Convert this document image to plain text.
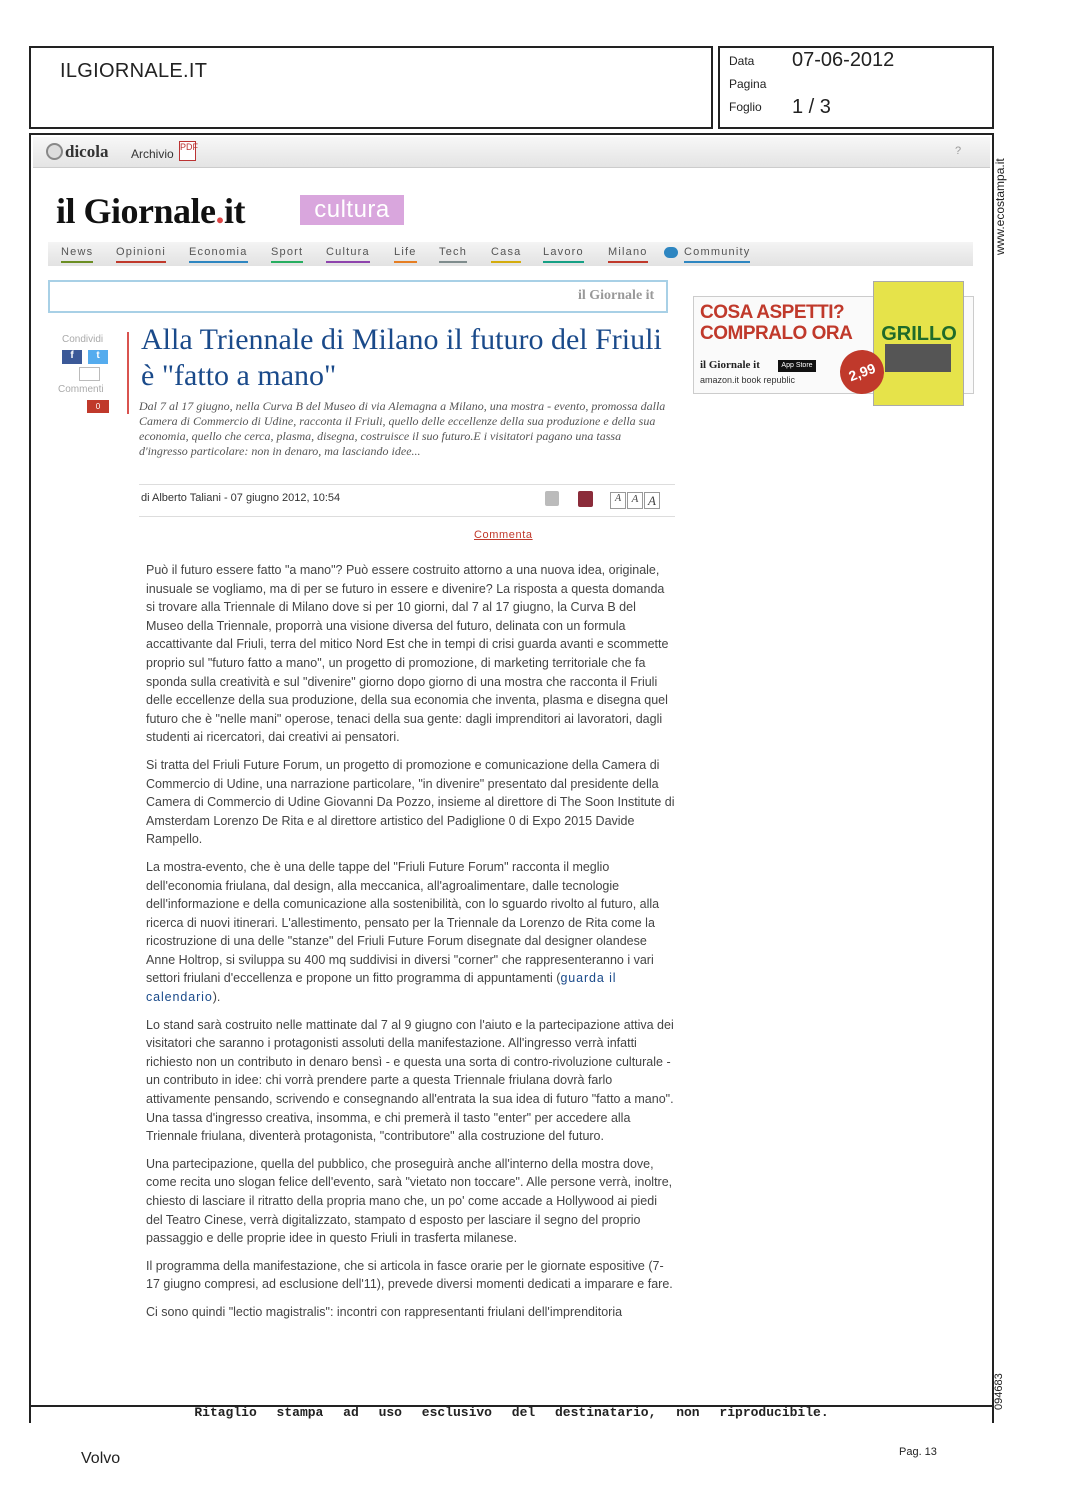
ILGIORNALE.IT	Data 07-06-2012
Pagina
Foglio 1 / 3
www.ecostampa.it
094683
dicola Archivio PDF	?
il Giornale.it	cultura
News Opinioni Economia Sport Cultura Life Tech Casa Lavoro Milano	Community
il Giornale it
COSA ASPETTI?
COMPRALO ORA
il Giornale it	App Store
amazon.it book republic
GRILLO
2,99
Condividi
f	t
Commenti
0
Alla Triennale di Milano il futuro del Friuli è "fatto a mano"
Dal 7 al 17 giugno, nella Curva B del Museo di via Alemagna a Milano, una mostra - evento, promossa dalla Camera di Commercio di Udine, racconta il Friuli, quello delle eccellenze della sua produzione e della sua economia, quello che cerca, plasma, disegna, costruisce il suo futuro.E i visitatori pagano una tassa d'ingresso particolare: non in denaro, ma lasciando idee...
di Alberto Taliani - 07 giugno 2012, 10:54	A A A
Commenta

Può il futuro essere fatto "a mano"? Può essere costruito attorno a una nuova idea, originale, inusuale se vogliamo, ma di per se futuro in essere e divenire? La risposta a questa domanda si trovare alla Triennale di Milano dove si per 10 giorni, dal 7 al 17 giugno, la Curva B del Museo della Triennale, proporrà una visione diversa del futuro, delinata con un formula accattivante dal Friuli, terra del mitico Nord Est che in tempi di crisi guarda avanti e scommette proprio sul "futuro fatto a mano", un progetto di promozione, di marketing territoriale che fa sponda sulla creatività e sul "divenire" giorno dopo giorno di una mostra che racconta il Friuli delle eccellenze della sua produzione, della sua economia che inventa, plasma e disegna quel futuro che è "nelle mani" operose, tenaci della sua gente: dagli imprenditori ai lavoratori, dagli studenti ai ricercatori, dai creativi ai pensatori.

Si tratta del Friuli Future Forum, un progetto di promozione e comunicazione della Camera di Commercio di Udine, una narrazione particolare, "in divenire" presentato dal presidente della Camera di Commercio di Udine Giovanni Da Pozzo, insieme al direttore di The Soon Institute di Amsterdam Lorenzo De Rita e al direttore artistico del Padiglione 0 di Expo 2015 Davide Rampello.

La mostra-evento, che è una delle tappe del "Friuli Future Forum" racconta il meglio dell'economia friulana, dal design, alla meccanica, all'agroalimentare, dalle tecnologie dell'informazione e della comunicazione alla sostenibilità, con lo sguardo rivolto al futuro, alla ricerca di nuovi itinerari. L'allestimento, pensato per la Triennale da Lorenzo de Rita come la ricostruzione di una delle "stanze" del Friuli Future Forum disegnate dal designer olandese Anne Holtrop, si sviluppa su 400 mq suddivisi in diversi "corner" che rappresenteranno i vari settori friulani d'eccellenza e propone un fitto programma di appuntamenti (guarda il calendario).

Lo stand sarà costruito nelle mattinate dal 7 al 9 giugno con l'aiuto e la partecipazione attiva dei visitatori che saranno i protagonisti assoluti della manifestazione. All'ingresso verrà infatti richiesto non un contributo in denaro bensì - e questa una sorta di contro-rivoluzione culturale - un contributo in idee: chi vorrà prendere parte a questa Triennale friulana dovrà farlo attivamente pensando, scrivendo e consegnando all'entrata la sua idea di futuro "fatto a mano". Una tassa d'ingresso creativa, insomma, e chi premerà il tasto "enter" per accedere alla Triennale friulana, diventerà protagonista, "contributore" alla costruzione del futuro.

Una partecipazione, quella del pubblico, che proseguirà anche all'interno della mostra dove, come recita uno slogan felice dell'evento, sarà "vietato non toccare". Alle persone verrà, inoltre, chiesto di lasciare il ritratto della propria mano che, un po' come accade a Hollywood ai piedi del Teatro Cinese, verrà digitalizzato, stampato d esposto per lasciare il segno del proprio passaggio e delle proprie idee in questo Friuli in trasferta milanese.

Il programma della manifestazione, che si articola in fasce orarie per le giornate espositive (7-17 giugno compresi, ad esclusione dell'11), prevede diversi momenti dedicati a imparare e fare.

Ci sono quindi "lectio magistralis": incontri con rappresentanti friulani dell'imprenditoria

Ritaglio stampa ad uso esclusivo del destinatario, non riproducibile.
Volvo	Pag. 13
